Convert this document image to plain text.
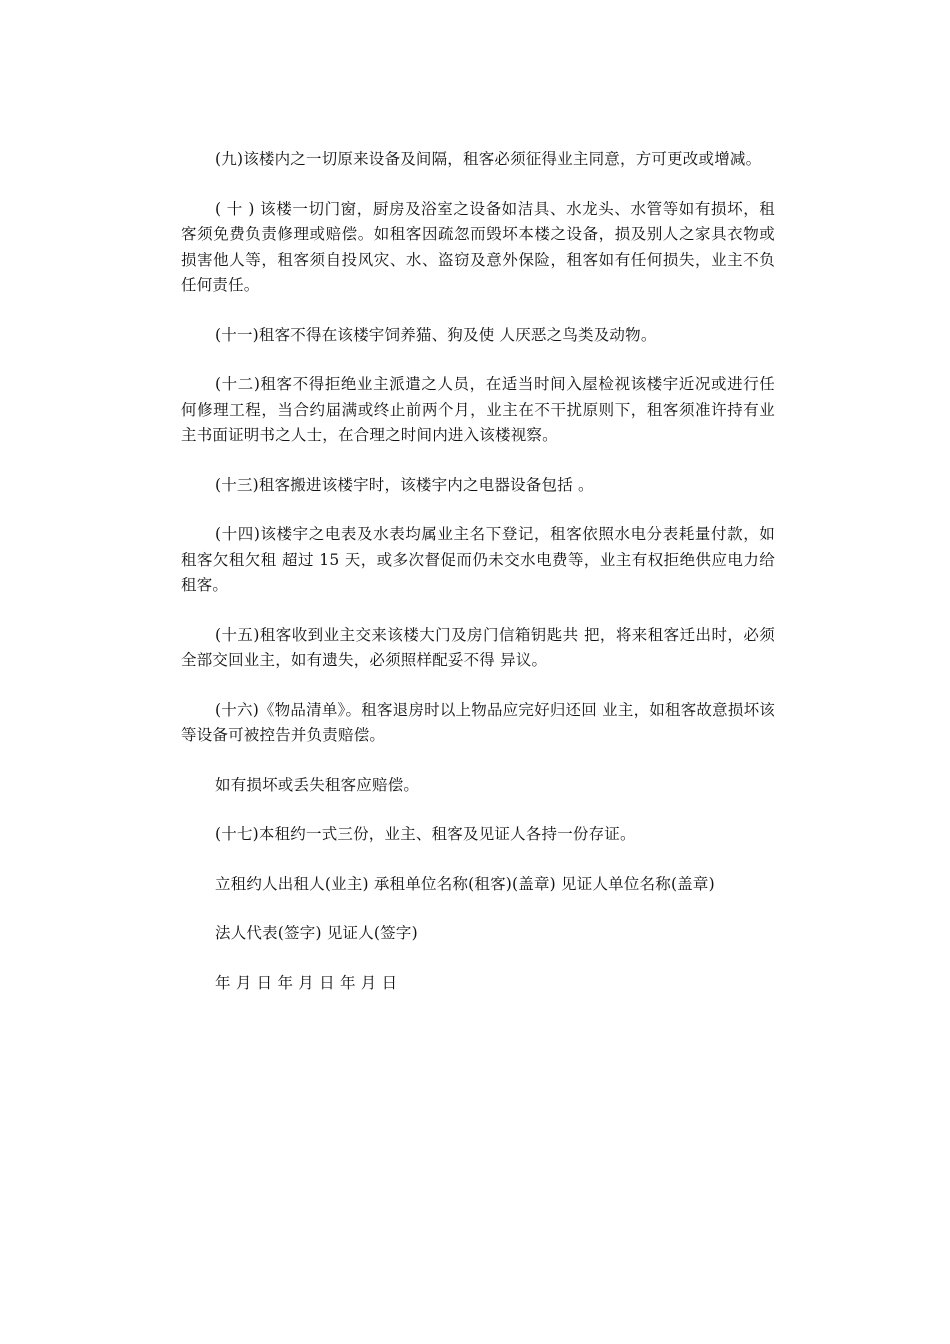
(九)该楼内之一切原来设备及间隔，租客必须征得业主同意，方可更改或增减。

( 十 ) 该楼一切门窗，厨房及浴室之设备如洁具、水龙头、水管等如有损坏，租客须免费负责修理或赔偿。如租客因疏忽而毁坏本楼之设备，损及别人之家具衣物或损害他人等，租客须自投风灾、水、盗窃及意外保险，租客如有任何损失，业主不负任何责任。

(十一)租客不得在该楼宇饲养猫、狗及使 人厌恶之鸟类及动物。

(十二)租客不得拒绝业主派遣之人员，在适当时间入屋检视该楼宇近况或进行任何修理工程，当合约届满或终止前两个月，业主在不干扰原则下，租客须准许持有业主书面证明书之人士，在合理之时间内进入该楼视察。

(十三)租客搬进该楼宇时，该楼宇内之电器设备包括 。

(十四)该楼宇之电表及水表均属业主名下登记，租客依照水电分表耗量付款，如租客欠租欠租 超过 15 天，或多次督促而仍未交水电费等，业主有权拒绝供应电力给租客。

(十五)租客收到业主交来该楼大门及房门信箱钥匙共 把，将来租客迁出时，必须全部交回业主，如有遗失，必须照样配妥不得 异议。

(十六)《物品清单》。租客退房时以上物品应完好归还回 业主，如租客故意损坏该等设备可被控告并负责赔偿。

如有损坏或丢失租客应赔偿。

(十七)本租约一式三份，业主、租客及见证人各持一份存证。

立租约人出租人(业主) 承租单位名称(租客)(盖章) 见证人单位名称(盖章)

法人代表(签字) 见证人(签字)

年 月 日 年 月 日 年 月 日
